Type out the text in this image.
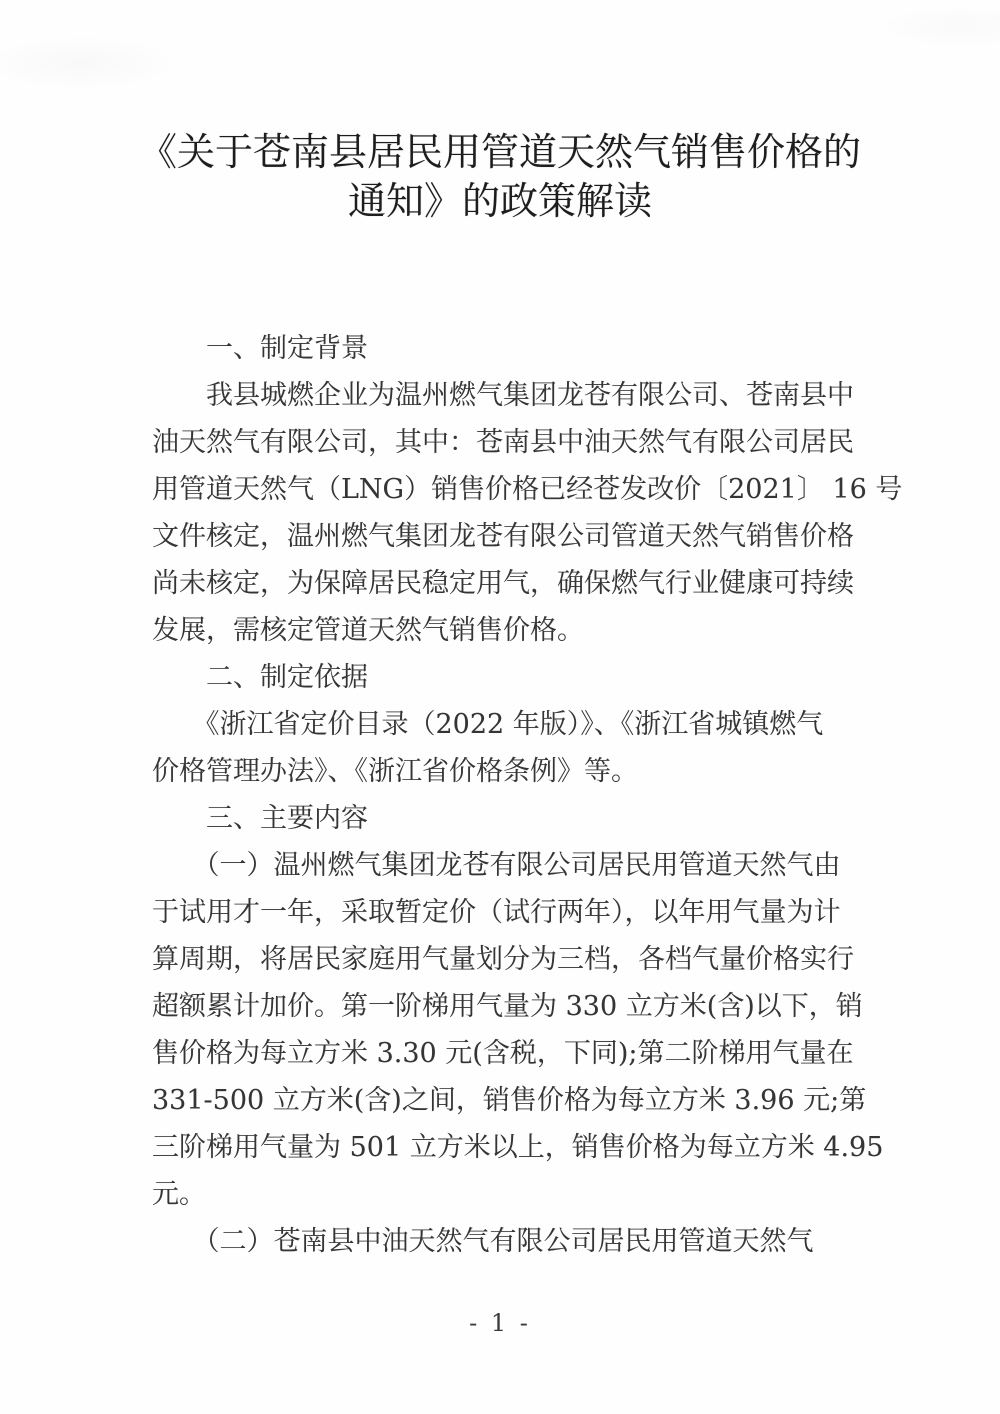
《关于苍南县居民用管道天然气销售价格的
通知》的政策解读
　　一、制定背景
　　我县城燃企业为温州燃气集团龙苍有限公司、苍南县中
油天然气有限公司，其中：苍南县中油天然气有限公司居民
用管道天然气（LNG）销售价格已经苍发改价〔2021〕 16 号
文件核定，温州燃气集团龙苍有限公司管道天然气销售价格
尚未核定，为保障居民稳定用气，确保燃气行业健康可持续
发展，需核定管道天然气销售价格。
　　二、制定依据
　　《浙江省定价目录（2022 年版）》、《浙江省城镇燃气
价格管理办法》、《浙江省价格条例》等。
　　三、主要内容
　　（一）温州燃气集团龙苍有限公司居民用管道天然气由
于试用才一年，采取暂定价（试行两年），以年用气量为计
算周期，将居民家庭用气量划分为三档，各档气量价格实行
超额累计加价。第一阶梯用气量为 330 立方米(含)以下，销
售价格为每立方米 3.30 元(含税，下同);第二阶梯用气量在
331-500 立方米(含)之间，销售价格为每立方米 3.96 元;第
三阶梯用气量为 501 立方米以上，销售价格为每立方米 4.95
元。
　　（二）苍南县中油天然气有限公司居民用管道天然气
- 1 -
